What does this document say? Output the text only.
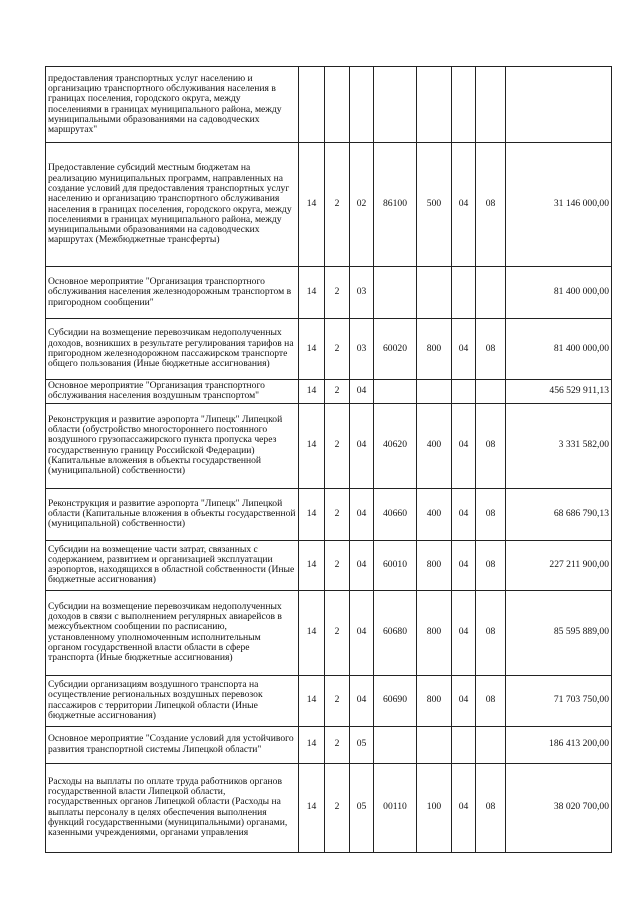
предоставления транспортных услуг населению и организацию транспортного обслуживания населения в границах поселения, городского округа, между поселениями в границах муниципального района, между муниципальными образованиями на садоводческих маршрутах"								
Предоставление субсидий местным бюджетам на реализацию муниципальных программ, направленных на создание условий для предоставления транспортных услуг населению и организацию транспортного обслуживания населения в границах поселения, городского округа, между поселениями в границах муниципального района, между муниципальными образованиями на садоводческих маршрутах (Межбюджетные трансферты)	14	2	02	86100	500	04	08	31 146 000,00
Основное мероприятие "Организация транспортного обслуживания населения железнодорожным транспортом в пригородном сообщении"	14	2	03					81 400 000,00
Субсидии на возмещение перевозчикам недополученных доходов, возникших в результате регулирования тарифов на пригородном железнодорожном пассажирском транспорте общего пользования (Иные бюджетные ассигнования)	14	2	03	60020	800	04	08	81 400 000,00
Основное мероприятие "Организация транспортного обслуживания населения воздушным транспортом"	14	2	04					456 529 911,13
Реконструкция и развитие аэропорта "Липецк" Липецкой области (обустройство многостороннего постоянного воздушного грузопассажирского пункта пропуска через государственную границу Российской Федерации) (Капитальные вложения в объекты государственной (муниципальной) собственности)	14	2	04	40620	400	04	08	3 331 582,00
Реконструкция и развитие аэропорта "Липецк" Липецкой области (Капитальные вложения в объекты государственной (муниципальной) собственности)	14	2	04	40660	400	04	08	68 686 790,13
Субсидии на возмещение части затрат, связанных с содержанием, развитием и организацией эксплуатации аэропортов, находящихся в областной собственности (Иные бюджетные ассигнования)	14	2	04	60010	800	04	08	227 211 900,00
Субсидии на возмещение перевозчикам недополученных доходов в связи с выполнением регулярных авиарейсов в межсубъектном сообщении по расписанию, установленному уполномоченным исполнительным органом государственной власти области в сфере транспорта (Иные бюджетные ассигнования)	14	2	04	60680	800	04	08	85 595 889,00
Субсидии организациям воздушного транспорта на осуществление региональных воздушных перевозок пассажиров с территории Липецкой области (Иные бюджетные ассигнования)	14	2	04	60690	800	04	08	71 703 750,00
Основное мероприятие "Создание условий для устойчивого развития транспортной системы Липецкой области"	14	2	05					186 413 200,00
Расходы на выплаты по оплате труда работников органов государственной власти Липецкой области, государственных органов Липецкой области (Расходы на выплаты персоналу в целях обеспечения выполнения функций государственными (муниципальными) органами, казенными учреждениями, органами управления	14	2	05	00110	100	04	08	38 020 700,00
